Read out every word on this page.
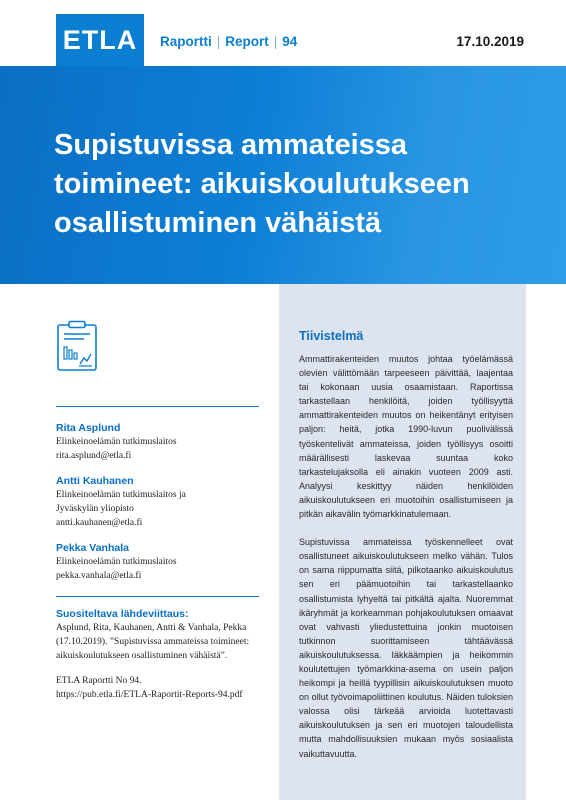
ETLA	Raportti | Report | 94	17.10.2019
Supistuvissa ammateissa
toimineet: aikuiskoulutukseen
osallistuminen vähäistä
Rita Asplund
Elinkeinoelämän tutkimuslaitos
rita.asplund@etla.fi
Antti Kauhanen
Elinkeinoelämän tutkimuslaitos ja
Jyväskylän yliopisto
antti.kauhanen@etla.fi
Pekka Vanhala
Elinkeinoelämän tutkimuslaitos
pekka.vanhala@etla.fi
Suositeltava lähdeviittaus:
Asplund, Rita, Kauhanen, Antti & Vanhala, Pekka (17.10.2019). ”Supistuvissa ammateissa toimineet: aikuiskoulutukseen osallistuminen vähäistä”.
ETLA Raportti No 94.
https://pub.etla.fi/ETLA-Raportit-Reports-94.pdf
Tiivistelmä

Ammattirakenteiden muutos johtaa työelämässä olevien välittömään tarpeeseen päivittää, laajentaa tai kokonaan uusia osaamistaan. Raportissa tarkastellaan henkilöitä, joiden työllisyyttä ammattirakenteiden muutos on heikentänyt erityisen paljon: heitä, jotka 1990-luvun puolivälissä työskentelivät ammateissa, joiden työllisyys osoitti määrällisesti laskevaa suuntaa koko tarkastelujaksolla eli ainakin vuoteen 2009 asti. Analyysi keskittyy näiden henkilöiden aikuiskoulutukseen eri muotoihin osallistumiseen ja pitkän aikavälin työmarkkinatulemaan.

Supistuvissa ammateissa työskennelleet ovat osallistuneet aikuiskoulutukseen melko vähän. Tulos on sama riippumatta siitä, pilkotaanko aikuiskoulutus sen eri päämuotoihin tai tarkastellaanko osallistumista lyhyeltä tai pitkältä ajalta. Nuoremmat ikäryhmät ja korkeamman pohjakoulutuksen omaavat ovat vahvasti yliedustettuina jonkin muotoisen tutkinnon suorittamiseen tähtäävässä aikuiskoulutuksessa. Iäkkäämpien ja heikommin koulutettujen työmarkkina-asema on usein paljon heikompi ja heillä tyypillisin aikuiskoulutuksen muoto on ollut työvoimapoliittinen koulutus. Näiden tuloksien valossa olisi tärkeää arvioida luotettavasti aikuiskoulutuksen ja sen eri muotojen taloudellista mutta mahdollisuuksien mukaan myös sosiaalista vaikuttavuutta.
